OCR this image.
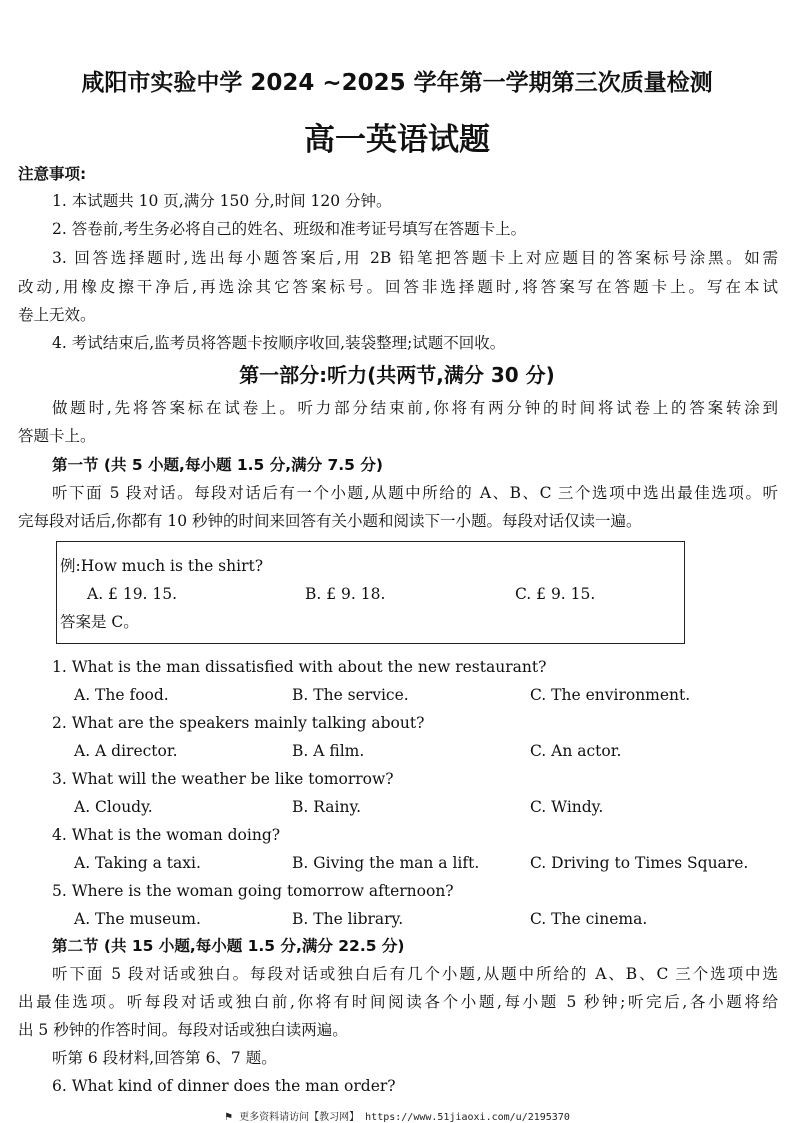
咸阳市实验中学 2024 ~2025 学年第一学期第三次质量检测
高一英语试题
注意事项:
1. 本试题共 10 页,满分 150 分,时间 120 分钟。
2. 答卷前,考生务必将自己的姓名、班级和准考证号填写在答题卡上。
3. 回答选择题时,选出每小题答案后,用 2B 铅笔把答题卡上对应题目的答案标号涂黑。如需
改动,用橡皮擦干净后,再选涂其它答案标号。回答非选择题时,将答案写在答题卡上。写在本试
卷上无效。
4. 考试结束后,监考员将答题卡按顺序收回,装袋整理;试题不回收。
第一部分:听力(共两节,满分 30 分)
做题时,先将答案标在试卷上。听力部分结束前,你将有两分钟的时间将试卷上的答案转涂到
答题卡上。
第一节 (共 5 小题,每小题 1.5 分,满分 7.5 分)
听下面 5 段对话。每段对话后有一个小题,从题中所给的 A、B、C 三个选项中选出最佳选项。听
完每段对话后,你都有 10 秒钟的时间来回答有关小题和阅读下一小题。每段对话仅读一遍。
例:How much is the shirt?
A. £ 19. 15.	B. £ 9. 18.	C. £ 9. 15.
答案是 C。
1. What is the man dissatisfied with about the new restaurant?
A. The food.	B. The service.	C. The environment.
2. What are the speakers mainly talking about?
A. A director.	B. A film.	C. An actor.
3. What will the weather be like tomorrow?
A. Cloudy.	B. Rainy.	C. Windy.
4. What is the woman doing?
A. Taking a taxi.	B. Giving the man a lift.	C. Driving to Times Square.
5. Where is the woman going tomorrow afternoon?
A. The museum.	B. The library.	C. The cinema.
第二节 (共 15 小题,每小题 1.5 分,满分 22.5 分)
听下面 5 段对话或独白。每段对话或独白后有几个小题,从题中所给的 A、B、C 三个选项中选
出最佳选项。听每段对话或独白前,你将有时间阅读各个小题,每小题 5 秒钟;听完后,各小题将给
出 5 秒钟的作答时间。每段对话或独白读两遍。
听第 6 段材料,回答第 6、7 题。
6. What kind of dinner does the man order?
⚑ 更多资料请访问【教习网】 https://www.51jiaoxi.com/u/2195370
